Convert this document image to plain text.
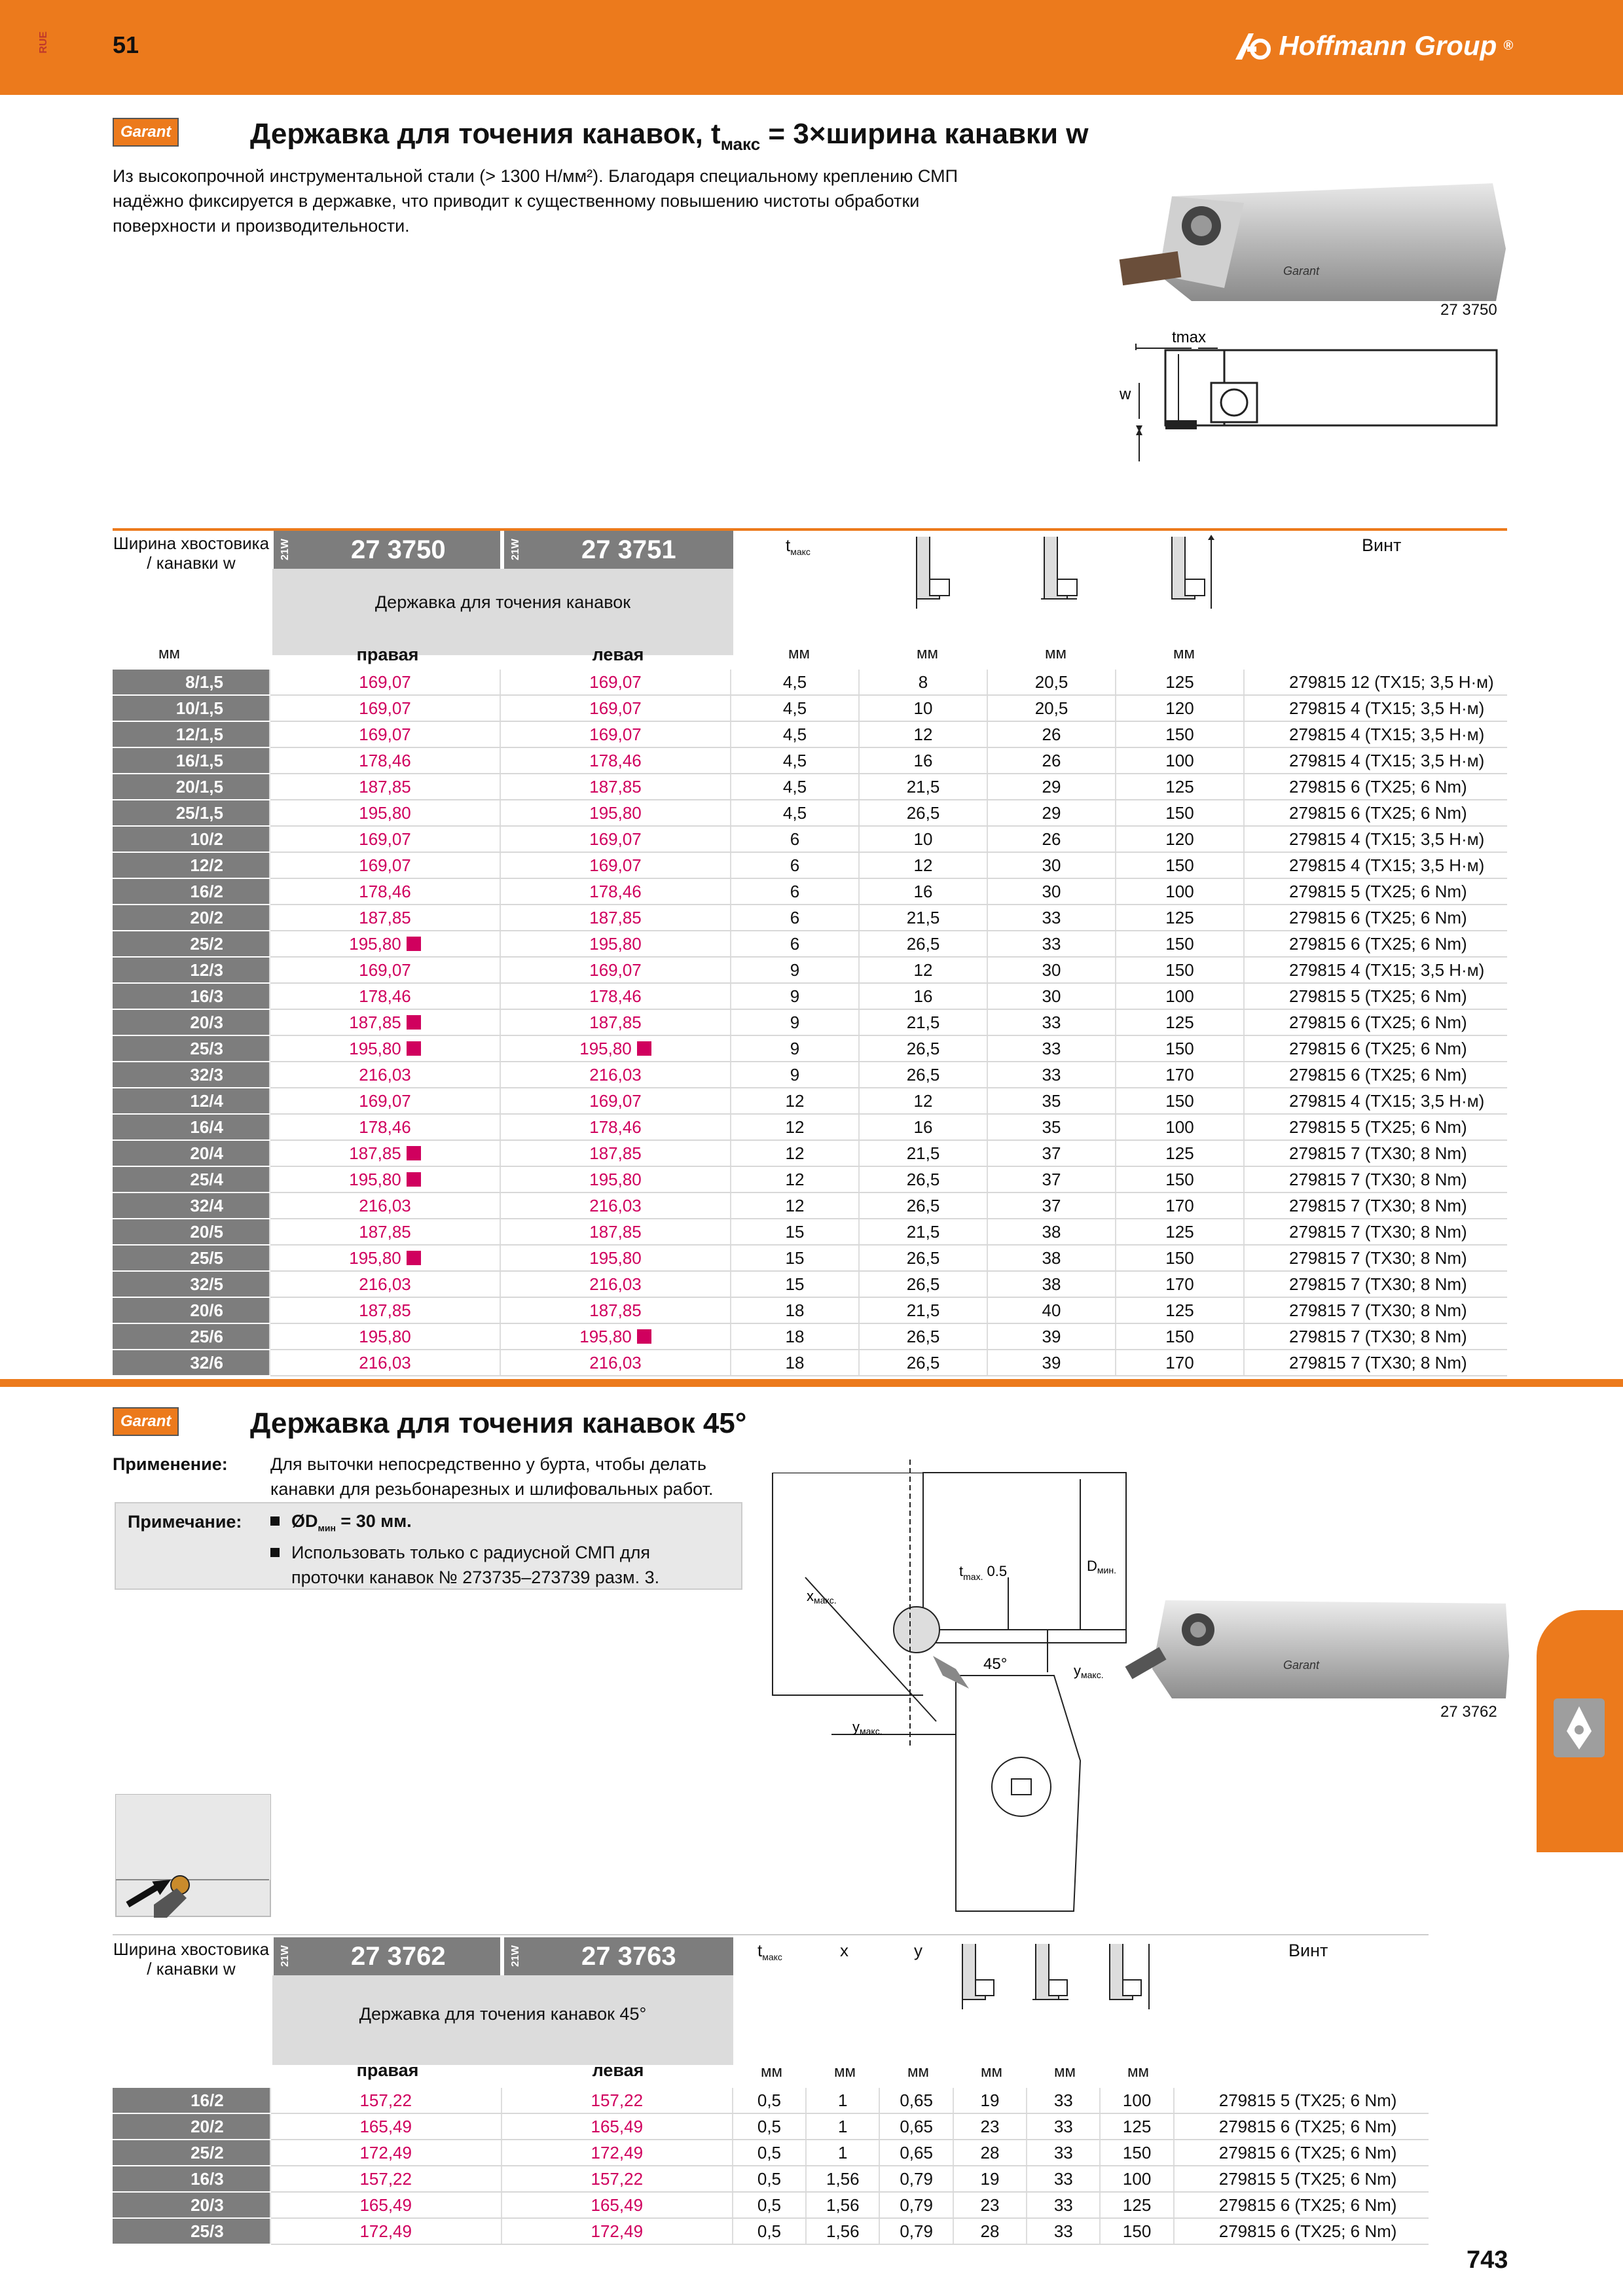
RUE	51	Hoffmann Group ®
Garant	Державка для точения канавок, $t_{макс}$ = 3×ширина канавки w
Из высокопрочной инструментальной стали (> 1300 Н/мм²). Благодаря специальному креплению СМП надёжно фиксируется в державке, что приводит к существенному повышению чистоты обработки поверхности и производительности.
Garant
27 3750
tmax
w
Ширина хвостовика / канавки w
21W 27 3750	21W 27 3751
Державка для точения канавок
правая	левая
$t_{макс}$	Винт
мм	мм	мм	мм	мм
8/1,5	169,07	169,07	4,5	8	20,5	125	279815 12 (TX15; 3,5 Н·м)
10/1,5	169,07	169,07	4,5	10	20,5	120	279815 4 (TX15; 3,5 Н·м)
12/1,5	169,07	169,07	4,5	12	26	150	279815 4 (TX15; 3,5 Н·м)
16/1,5	178,46	178,46	4,5	16	26	100	279815 4 (TX15; 3,5 Н·м)
20/1,5	187,85	187,85	4,5	21,5	29	125	279815 6 (TX25; 6 Nm)
25/1,5	195,80	195,80	4,5	26,5	29	150	279815 6 (TX25; 6 Nm)
10/2	169,07	169,07	6	10	26	120	279815 4 (TX15; 3,5 Н·м)
12/2	169,07	169,07	6	12	30	150	279815 4 (TX15; 3,5 Н·м)
16/2	178,46	178,46	6	16	30	100	279815 5 (TX25; 6 Nm)
20/2	187,85	187,85	6	21,5	33	125	279815 6 (TX25; 6 Nm)
25/2	195,80	195,80	6	26,5	33	150	279815 6 (TX25; 6 Nm)
12/3	169,07	169,07	9	12	30	150	279815 4 (TX15; 3,5 Н·м)
16/3	178,46	178,46	9	16	30	100	279815 5 (TX25; 6 Nm)
20/3	187,85	187,85	9	21,5	33	125	279815 6 (TX25; 6 Nm)
25/3	195,80	195,80	9	26,5	33	150	279815 6 (TX25; 6 Nm)
32/3	216,03	216,03	9	26,5	33	170	279815 6 (TX25; 6 Nm)
12/4	169,07	169,07	12	12	35	150	279815 4 (TX15; 3,5 Н·м)
16/4	178,46	178,46	12	16	35	100	279815 5 (TX25; 6 Nm)
20/4	187,85	187,85	12	21,5	37	125	279815 7 (TX30; 8 Nm)
25/4	195,80	195,80	12	26,5	37	150	279815 7 (TX30; 8 Nm)
32/4	216,03	216,03	12	26,5	37	170	279815 7 (TX30; 8 Nm)
20/5	187,85	187,85	15	21,5	38	125	279815 7 (TX30; 8 Nm)
25/5	195,80	195,80	15	26,5	38	150	279815 7 (TX30; 8 Nm)
32/5	216,03	216,03	15	26,5	38	170	279815 7 (TX30; 8 Nm)
20/6	187,85	187,85	18	21,5	40	125	279815 7 (TX30; 8 Nm)
25/6	195,80	195,80	18	26,5	39	150	279815 7 (TX30; 8 Nm)
32/6	216,03	216,03	18	26,5	39	170	279815 7 (TX30; 8 Nm)
Garant	Державка для точения канавок 45°
Применение: Для выточки непосредственно у бурта, чтобы делать
канавки для резьбонарезных и шлифовальных работ.
Примечание:	$ØD_{мин} = 30$ мм.
Использовать только с радиусной СМП для
проточки канавок № 273735–273739 разм. 3.	$t_{max.}$ 0.5	Dмин.
xмакс.
yмакс.
yмакс.
45°	Garant
27 3762
Ширина хвостовика / канавки w
21W 27 3762	21W 27 3763
Державка для точения канавок 45°
правая	левая
$t_{макс}$	x	y	Винт
мм	мм	мм	мм	мм	мм
16/2	157,22	157,22	0,5	1	0,65	19	33	100	279815 5 (TX25; 6 Nm)
20/2	165,49	165,49	0,5	1	0,65	23	33	125	279815 6 (TX25; 6 Nm)
25/2	172,49	172,49	0,5	1	0,65	28	33	150	279815 6 (TX25; 6 Nm)
16/3	157,22	157,22	0,5	1,56	0,79	19	33	100	279815 5 (TX25; 6 Nm)
20/3	165,49	165,49	0,5	1,56	0,79	23	33	125	279815 6 (TX25; 6 Nm)
25/3	172,49	172,49	0,5	1,56	0,79	28	33	150	279815 6 (TX25; 6 Nm)
743
